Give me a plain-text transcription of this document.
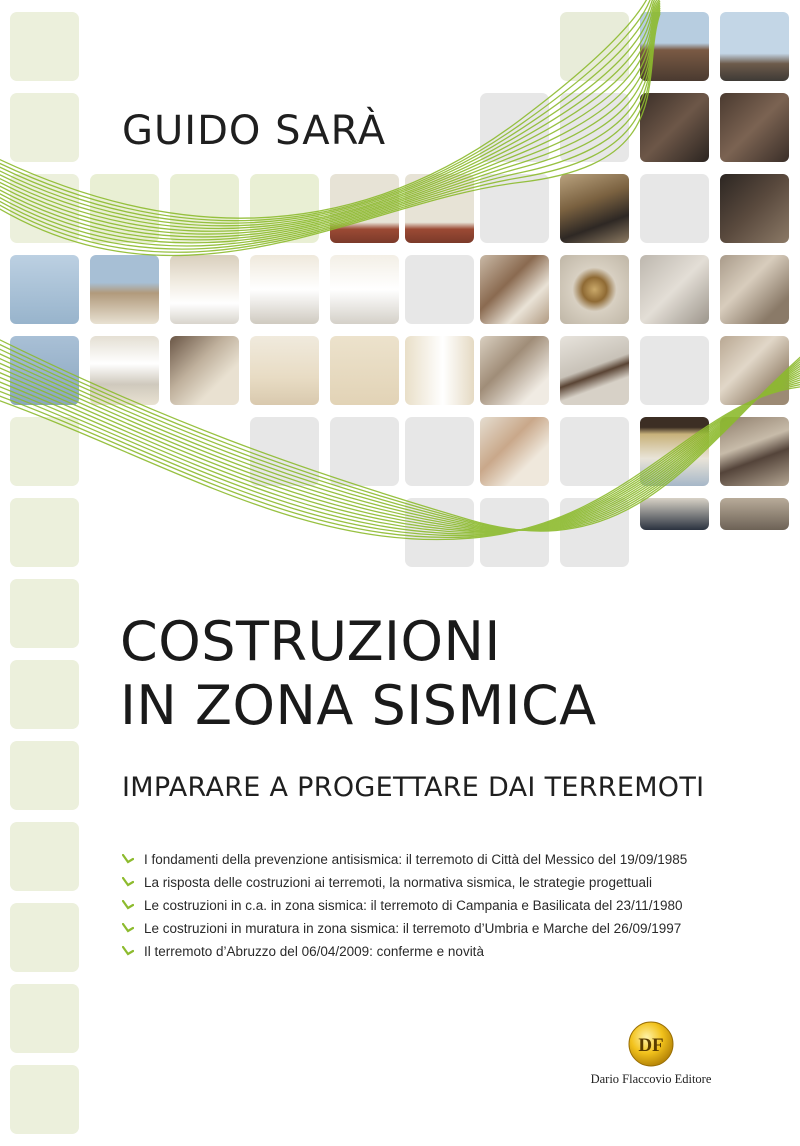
GUIDO SARÀ
COSTRUZIONI
IN ZONA SISMICA
IMPARARE A PROGETTARE DAI TERREMOTI
I fondamenti della prevenzione antisismica: il terremoto di Città del Messico del 19/09/1985
La risposta delle costruzioni ai terremoti, la normativa sismica, le strategie progettuali
Le costruzioni in c.a. in zona sismica: il terremoto di Campania e Basilicata del 23/11/1980
Le costruzioni in muratura in zona sismica: il terremoto d’Umbria e Marche del 26/09/1997
Il terremoto d’Abruzzo del 06/04/2009: conferme e novità
DF
Dario Flaccovio Editore
